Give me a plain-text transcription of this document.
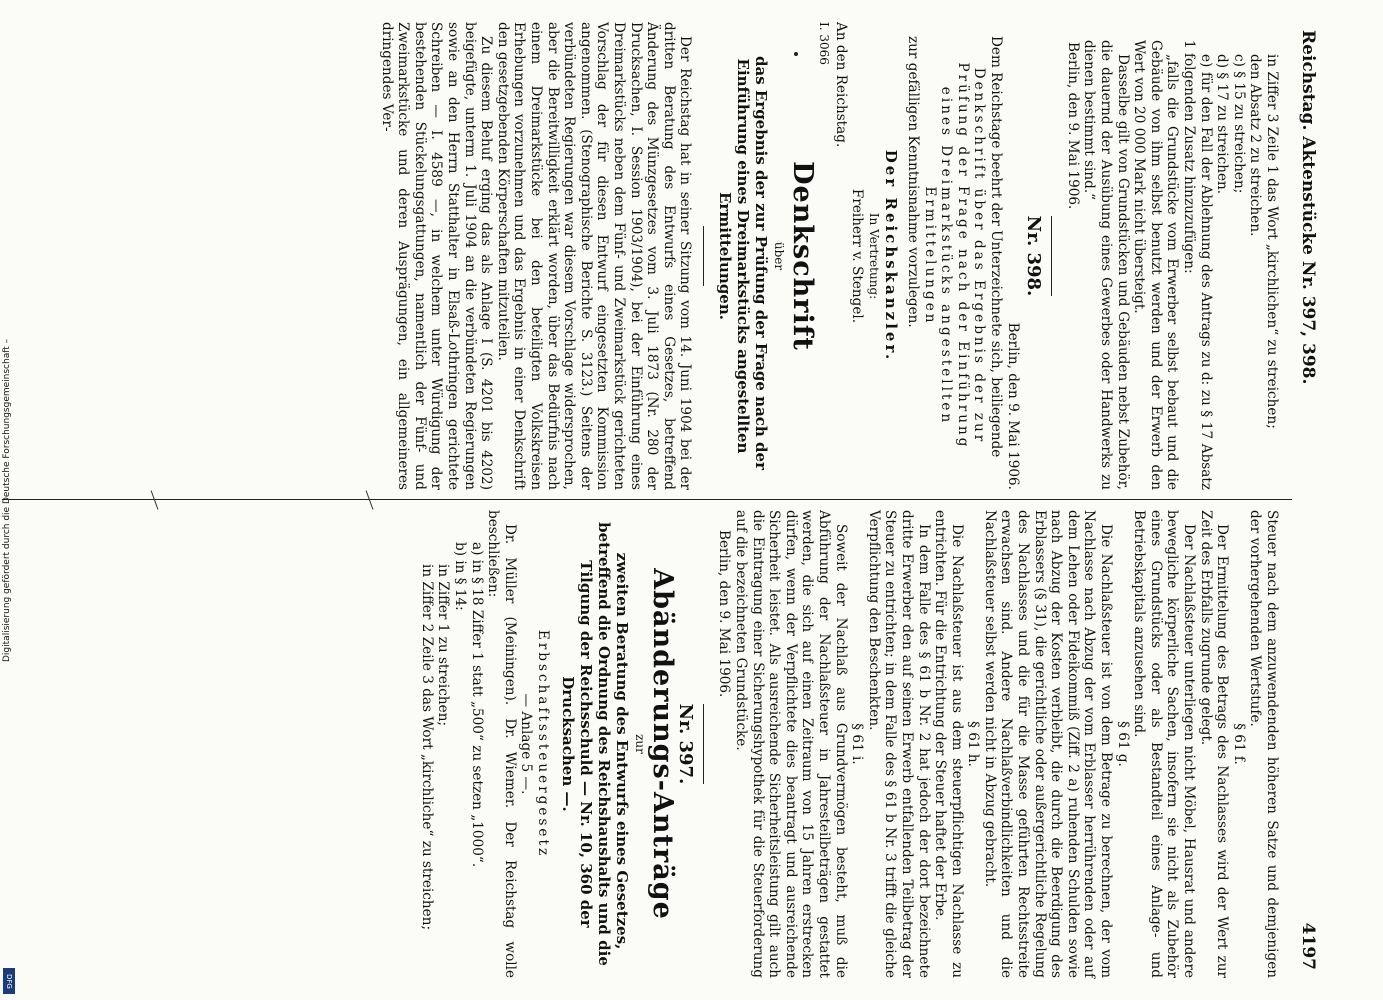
Digitalisierung gefördert durch die Deutsche Forschungsgemeinschaft –
DFG
Reichstag. Aktenstücke Nr. 397, 398.
4197

in Ziffer 3 Zeile 1 das Wort „kirchlichen“ zu streichen;

den Absatz 2 zu streichen.

c) § 15 zu streichen;

d) § 17 zu streichen.

e) für den Fall der Ablehnung des Antrags zu d: zu § 17 Absatz 1 folgenden Zusatz hinzuzufügen:

„falls die Grundstücke vom Erwerber selbst bebaut und die Gebäude von ihm selbst benutzt werden und der Erwerb den Wert von 20 000 Mark nicht übersteigt.

Dasselbe gilt von Grundstücken und Gebäuden nebst Zubehör, die dauernd der Ausübung eines Gewerbes oder Handwerks zu dienen bestimmt sind.“

Berlin, den 9. Mai 1906.

Nr. 398.

Berlin, den 9. Mai 1906.

Dem Reichstage beehrt der Unterzeichnete sich, beiliegende

Denkschrift über das Ergebnis der zur Prüfung der Frage nach der Einführung eines Dreimarkstücks angestellten Ermittelungen

zur gefälligen Kenntnisnahme vorzulegen.

Der Reichskanzler.

In Vertretung:

Freiherr v. Stengel.

An den Reichstag.

I. 3066

Denkschrift

über

das Ergebnis der zur Prüfung der Frage nach der Einführung eines Dreimarkstücks angestellten Ermittelungen.

Der Reichstag hat in seiner Sitzung vom 14. Juni 1904 bei der dritten Beratung des Entwurfs eines Gesetzes, betreffend Änderung des Münzgesetzes vom 3. Juli 1873 (Nr. 280 der Drucksachen, I. Session 1903/1904), bei der Einführung eines Dreimarkstücks neben dem Fünf- und Zweimarkstück gerichteten Vorschlag der für diesen Entwurf eingesetzten Kommission angenommen. (Stenographische Berichte S. 3123.) Seitens der verbündeten Regierungen war diesem Vorschlage widersprochen, aber die Bereitwilligkeit erklärt worden, über das Bedürfnis nach einem Dreimarkstücke bei den beteiligten Volkskreisen Erhebungen vorzunehmen und das Ergebnis in einer Denkschrift den gesetzgebenden Körperschaften mitzuteilen.

Zu diesem Behuf erging das als Anlage I (S. 4201 bis 4202) beigefügte, unterm 1. Juli 1904 an die verbündeten Regierungen sowie an den Herrn Statthalter in Elsaß-Lothringen gerichtete Schreiben — I. 4589 —, in welchem unter Würdigung der bestehenden Stückelungsgattungen, namentlich der Fünf- und Zweimarkstücke und deren Ausprägungen, ein allgemeineres dringendes Ver-

Steuer nach dem anzuwendenden höheren Satze und demjenigen der vorhergehenden Wertstufe.

§ 61 f.

Der Ermittelung des Betrags des Nachlasses wird der Wert zur Zeit des Erbfalls zugrunde gelegt.

Der Nachlaßsteuer unterliegen nicht Möbel, Hausrat und andere bewegliche körperliche Sachen, insofern sie nicht als Zubehör eines Grundstücks oder als Bestandteil eines Anlage- und Betriebskapitals anzusehen sind.

§ 61 g.

Die Nachlaßsteuer ist von dem Betrage zu berechnen, der vom Nachlasse nach Abzug der vom Erblasser herrührenden oder auf dem Lehen oder Fideikommiß (Ziff. 2 a) ruhenden Schulden sowie nach Abzug der Kosten verbleibt, die durch die Beerdigung des Erblassers (§ 31), die gerichtliche oder außergerichtliche Regelung des Nachlasses und die für die Masse geführten Rechtsstreite erwachsen sind. Andere Nachlaßverbindlichkeiten und die Nachlaßsteuer selbst werden nicht in Abzug gebracht.

§ 61 h.

Die Nachlaßsteuer ist aus dem steuerpflichtigen Nachlasse zu entrichten. Für die Entrichtung der Steuer haftet der Erbe.

In dem Falle des § 61 b Nr. 2 hat jedoch der dort bezeichnete dritte Erwerber den auf seinen Erwerb entfallenden Teilbetrag der Steuer zu entrichten; in dem Falle des § 61 b Nr. 3 trifft die gleiche Verpflichtung den Beschenkten.

§ 61 i.

Soweit der Nachlaß aus Grundvermögen besteht, muß die Abführung der Nachlaßsteuer in Jahresteilbeträgen gestattet werden, die sich auf einen Zeitraum von 15 Jahren erstrecken dürfen, wenn der Verpflichtete dies beantragt und ausreichende Sicherheit leistet. Als ausreichende Sicherheitsleistung gilt auch die Eintragung einer Sicherungshypothek für die Steuerforderung auf die bezeichneten Grundstücke.

Berlin, den 9. Mai 1906.

Nr. 397.
Abänderungs-Anträge

zur

zweiten Beratung des Entwurfs eines Gesetzes, betreffend die Ordnung des Reichshaushalts und die Tilgung der Reichsschuld — Nr. 10, 360 der Drucksachen —.

Erbschaftssteuergesetz

— Anlage 5 —.

Dr. Müller (Meiningen). Dr. Wiemer. Der Reichstag wolle beschließen:

a) in § 18 Ziffer 1 statt „500“ zu setzen „1000“.

b) in § 14:

in Ziffer 1 zu streichen;

in Ziffer 2 Zeile 3 das Wort „kirchliche“ zu streichen;
